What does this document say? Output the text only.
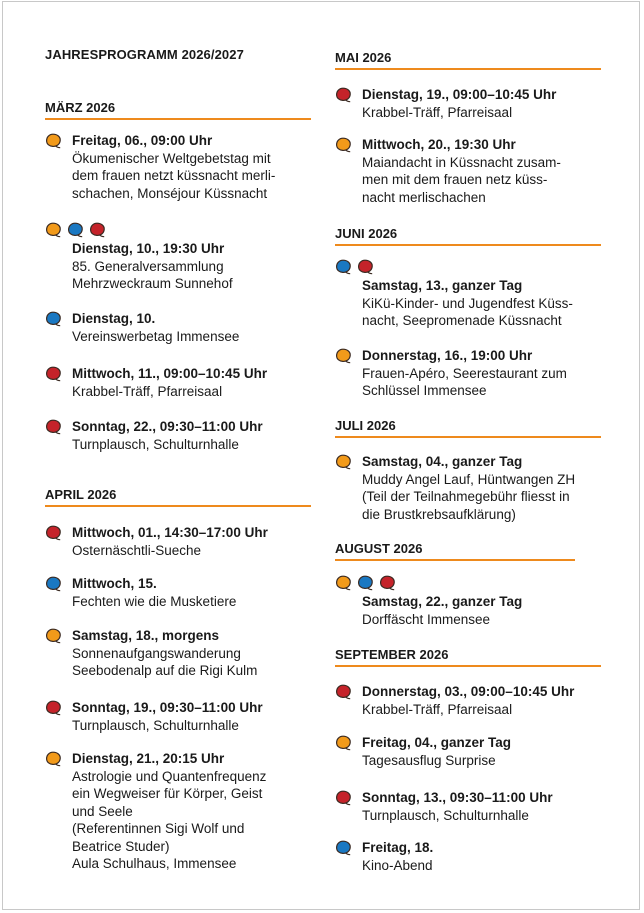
JAHRESPROGRAMM 2026/2027
MÄRZ 2026
Freitag, 06., 09:00 Uhr
Ökumenischer Weltgebetstag mit
dem frauen netzt küssnacht merli-
schachen, Monséjour Küssnacht
Dienstag, 10., 19:30 Uhr
85. Generalversammlung
Mehrzweckraum Sunnehof
Dienstag, 10.
Vereinswerbetag Immensee
Mittwoch, 11., 09:00–10:45 Uhr
Krabbel-Träff, Pfarreisaal
Sonntag, 22., 09:30–11:00 Uhr
Turnplausch, Schulturnhalle
APRIL 2026
Mittwoch, 01., 14:30–17:00 Uhr
Osternäschtli-Sueche
Mittwoch, 15.
Fechten wie die Musketiere
Samstag, 18., morgens
Sonnenaufgangswanderung
Seebodenalp auf die Rigi Kulm
Sonntag, 19., 09:30–11:00 Uhr
Turnplausch, Schulturnhalle
Dienstag, 21., 20:15 Uhr
Astrologie und Quantenfrequenz
ein Wegweiser für Körper, Geist
und Seele
(Referentinnen Sigi Wolf und
Beatrice Studer)
Aula Schulhaus, Immensee
MAI 2026
Dienstag, 19., 09:00–10:45 Uhr
Krabbel-Träff, Pfarreisaal
Mittwoch, 20., 19:30 Uhr
Maiandacht in Küssnacht zusam-
men mit dem frauen netz küss-
nacht merlischachen
JUNI 2026
Samstag, 13., ganzer Tag
KiKü-Kinder- und Jugendfest Küss-
nacht, Seepromenade Küssnacht
Donnerstag, 16., 19:00 Uhr
Frauen-Apéro, Seerestaurant zum
Schlüssel Immensee
JULI 2026
Samstag, 04., ganzer Tag
Muddy Angel Lauf, Hüntwangen ZH
(Teil der Teilnahmegebühr fliesst in
die Brustkrebsaufklärung)
AUGUST 2026
Samstag, 22., ganzer Tag
Dorffäscht Immensee
SEPTEMBER 2026
Donnerstag, 03., 09:00–10:45 Uhr
Krabbel-Träff, Pfarreisaal
Freitag, 04., ganzer Tag
Tagesausflug Surprise
Sonntag, 13., 09:30–11:00 Uhr
Turnplausch, Schulturnhalle
Freitag, 18.
Kino-Abend
